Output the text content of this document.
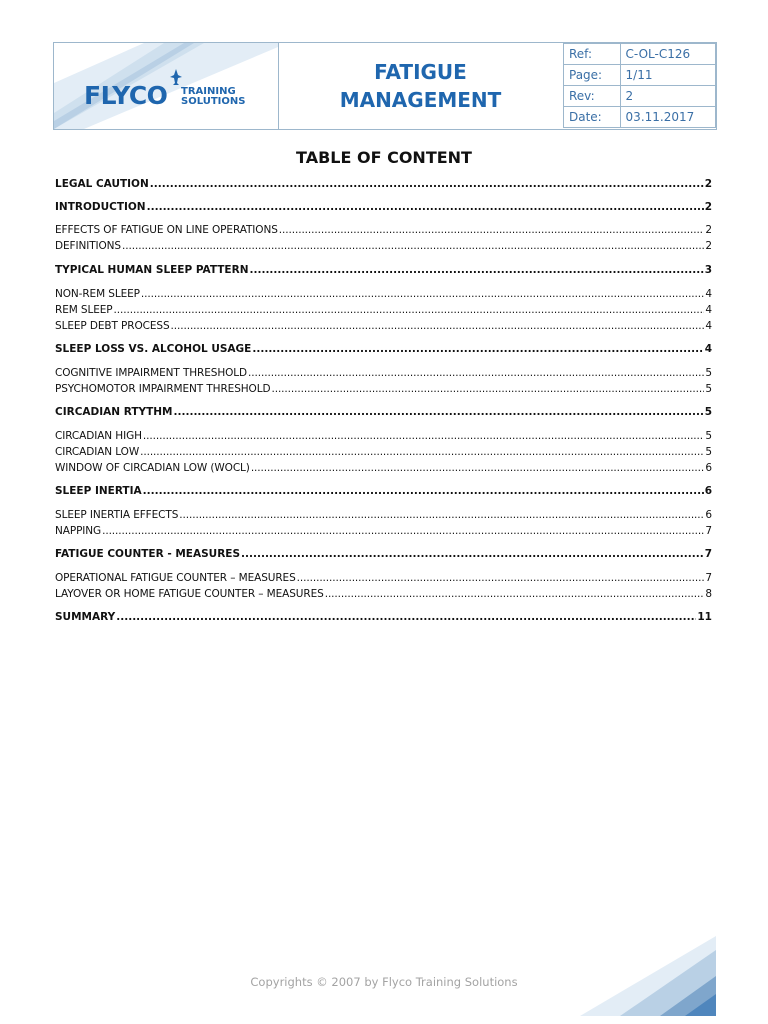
FLYCO TRAINING
SOLUTIONS
FATIGUE
MANAGEMENT
Ref:	C-OL-C126
Page:	1/11
Rev:	2
Date:	03.11.2017
TABLE OF CONTENT
LEGAL CAUTION .....	2
INTRODUCTION .....	2
EFFECTS OF FATIGUE ON LINE OPERATIONS .....	2
DEFINITIONS .....	2
TYPICAL HUMAN SLEEP PATTERN .....	3
NON-REM SLEEP .....	4
REM SLEEP .....	4
SLEEP DEBT PROCESS .....	4
SLEEP LOSS VS. ALCOHOL USAGE .....	4
COGNITIVE IMPAIRMENT THRESHOLD .....	5
PSYCHOMOTOR IMPAIRMENT THRESHOLD .....	5
CIRCADIAN RTYTHM .....	5
CIRCADIAN HIGH .....	5
CIRCADIAN LOW .....	5
WINDOW OF CIRCADIAN LOW (WOCL) .....	6
SLEEP INERTIA .....	6
SLEEP INERTIA EFFECTS .....	6
NAPPING .....	7
FATIGUE COUNTER - MEASURES .....	7
OPERATIONAL FATIGUE COUNTER – MEASURES .....	7
LAYOVER OR HOME FATIGUE COUNTER – MEASURES .....	8
SUMMARY .....	11
Copyrights © 2007 by Flyco Training Solutions
